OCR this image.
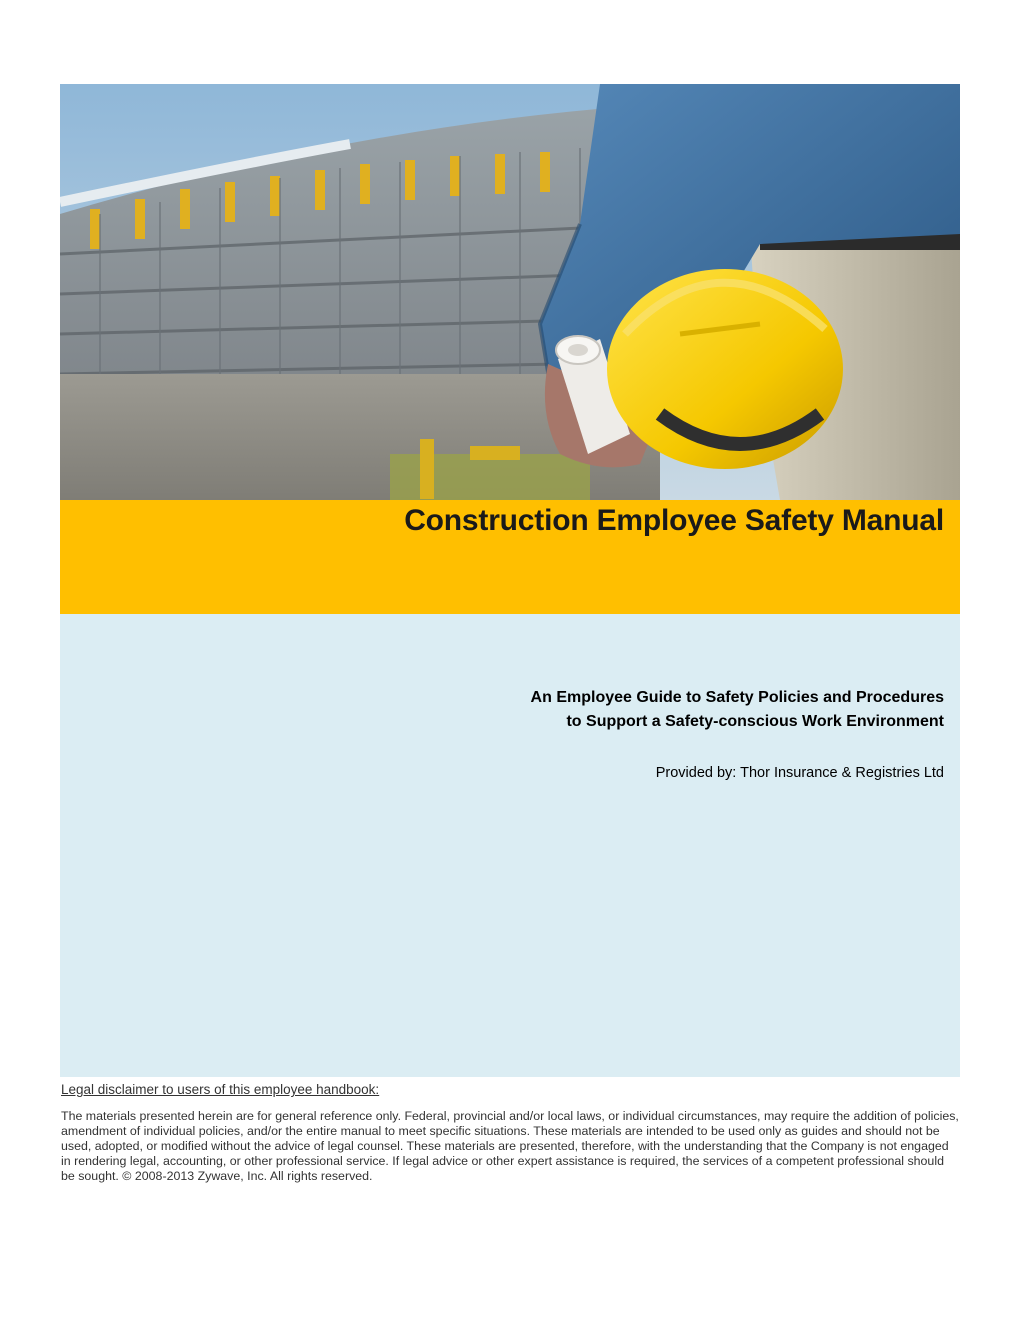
Construction Employee Safety Manual
An Employee Guide to Safety Policies and Procedures
to Support a Safety-conscious Work Environment
Provided by: Thor Insurance & Registries Ltd
Legal disclaimer to users of this employee handbook:

The materials presented herein are for general reference only. Federal, provincial and/or local laws, or individual circumstances, may require the addition of policies, amendment of individual policies, and/or the entire manual to meet specific situations. These materials are intended to be used only as guides and should not be used, adopted, or modified without the advice of legal counsel. These materials are presented, therefore, with the understanding that the Company is not engaged in rendering legal, accounting, or other professional service. If legal advice or other expert assistance is required, the services of a competent professional should be sought. © 2008-2013 Zywave, Inc. All rights reserved.
